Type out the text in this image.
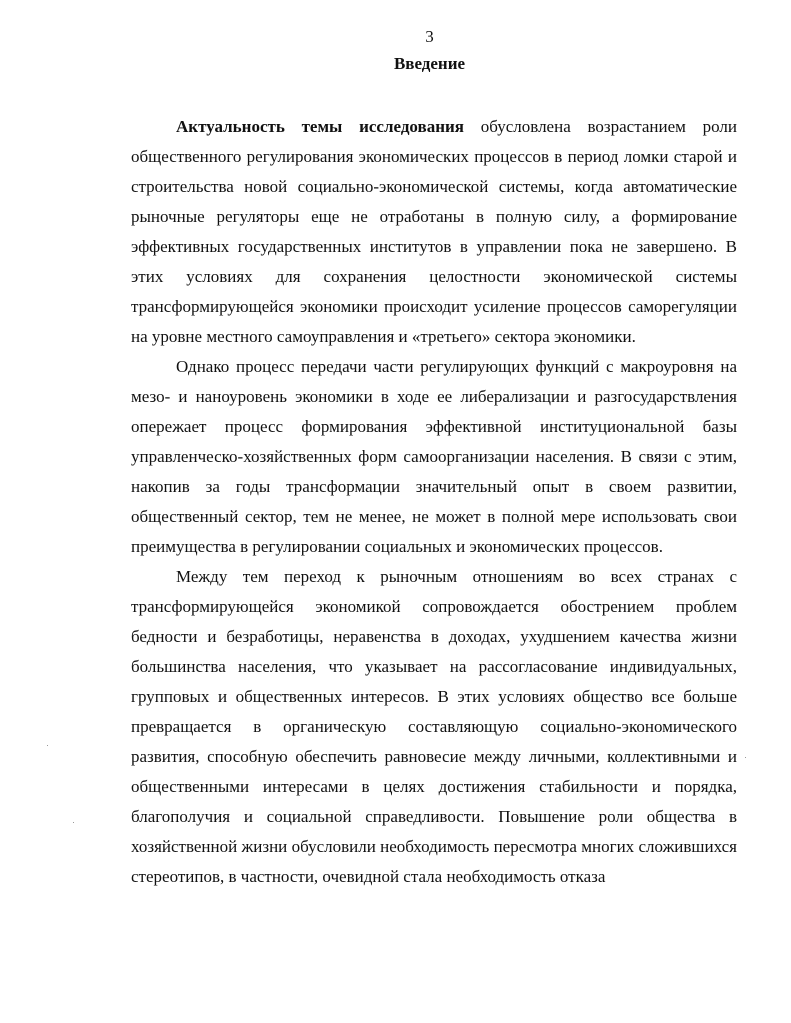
3
Введение

Актуальность темы исследования обусловлена возрастанием роли общественного регулирования экономических процессов в период ломки старой и строительства новой социально-экономической системы, когда автоматические рыночные регуляторы еще не отработаны в полную силу, а формирование эффективных государственных институтов в управлении пока не завершено. В этих условиях для сохранения целостности экономической системы трансформирующейся экономики происходит усиление процессов саморегуляции на уровне местного самоуправления и «третьего» сектора экономики.

Однако процесс передачи части регулирующих функций с макроуровня на мезо- и наноуровень экономики в ходе ее либерализации и разгосударствления опережает процесс формирования эффективной институциональной базы управленческо-хозяйственных форм самоорганизации населения. В связи с этим, накопив за годы трансформации значительный опыт в своем развитии, общественный сектор, тем не менее, не может в полной мере использовать свои преимущества в регулировании социальных и экономических процессов.

Между тем переход к рыночным отношениям во всех странах с трансформирующейся экономикой сопровождается обострением проблем бедности и безработицы, неравенства в доходах, ухудшением качества жизни большинства населения, что указывает на рассогласование индивидуальных, групповых и общественных интересов. В этих условиях общество все больше превращается в органическую составляющую социально-экономического развития, способную обеспечить равновесие между личными, коллективными и общественными интересами в целях достижения стабильности и порядка, благополучия и социальной справедливости. Повышение роли общества в хозяйственной жизни обусловили необходимость пересмотра многих сложившихся стереотипов, в частности, очевидной стала необходимость отказа
